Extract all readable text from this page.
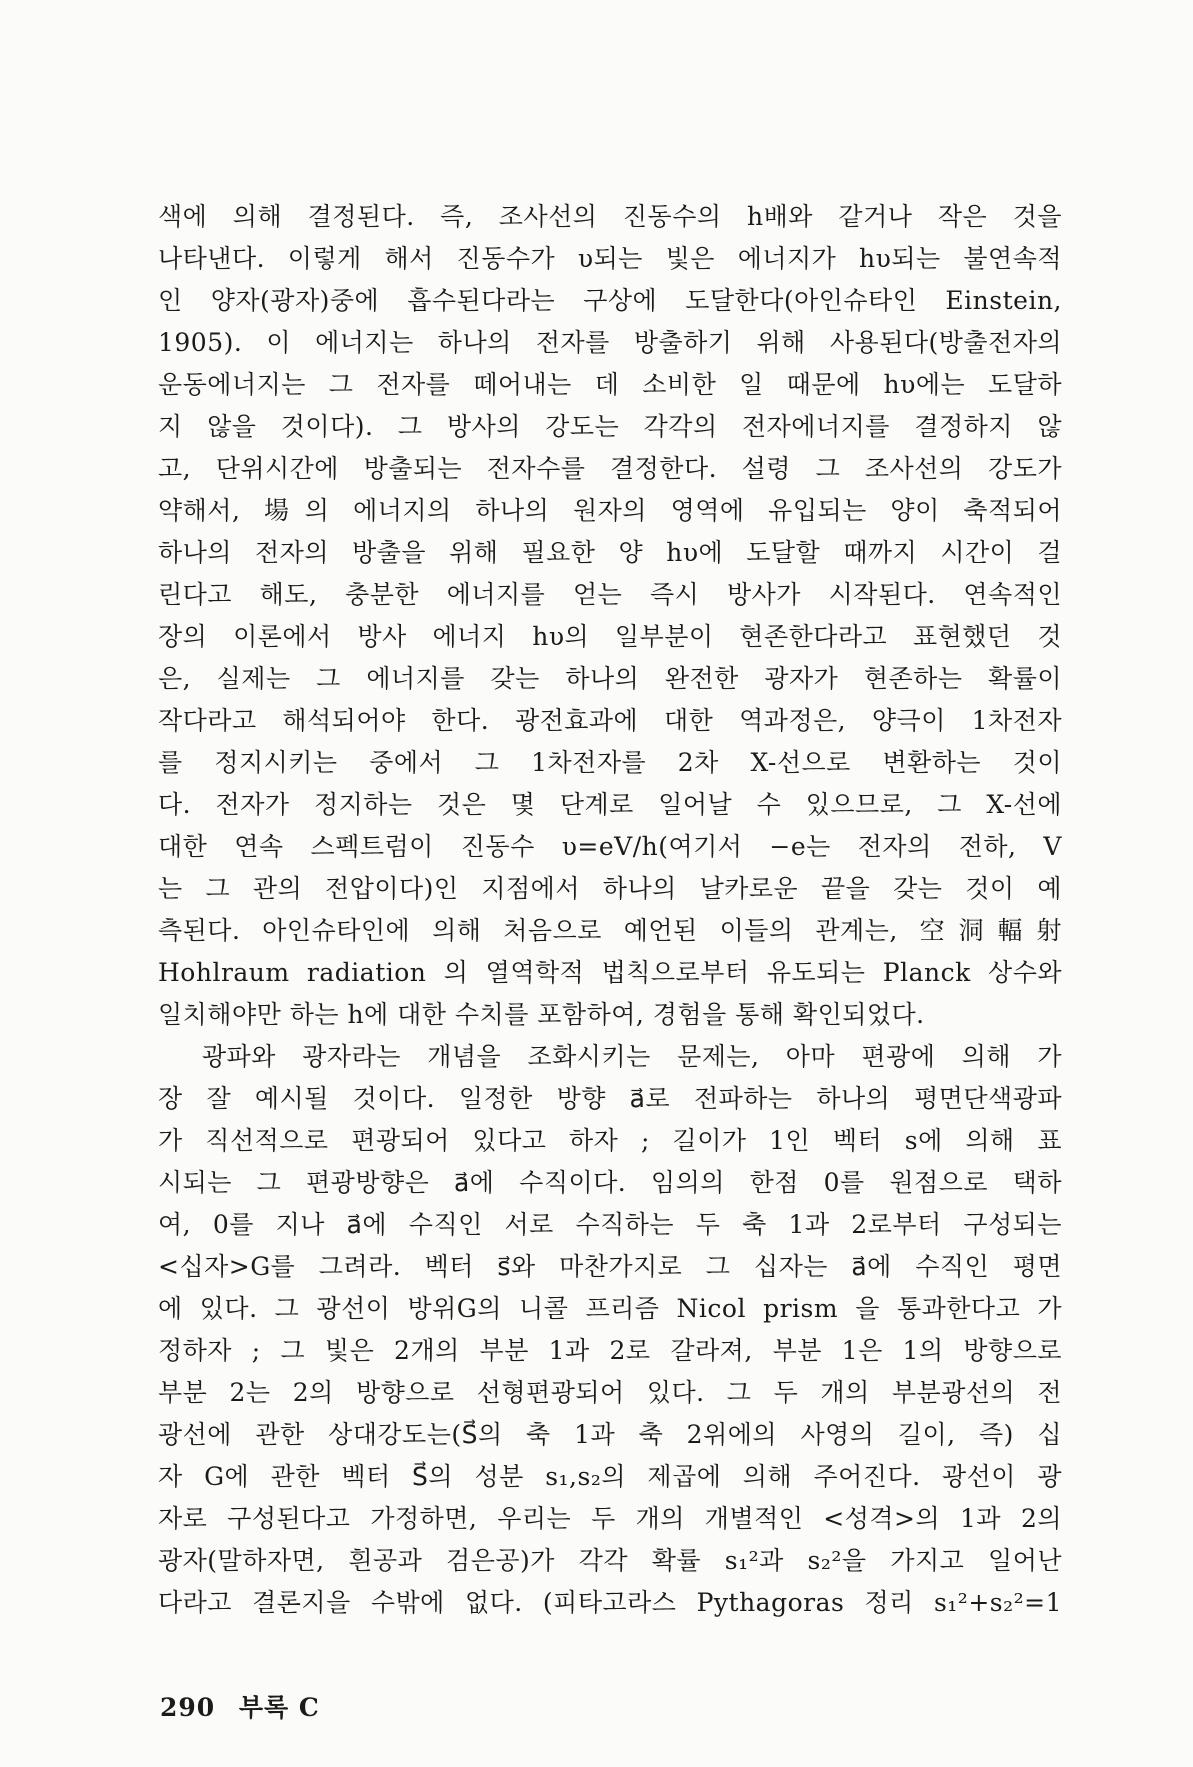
색에 의해 결정된다. 즉, 조사선의 진동수의 h배와 같거나 작은 것을
나타낸다. 이렇게 해서 진동수가 υ되는 빛은 에너지가 hυ되는 불연속적
인 양자(광자)중에 흡수된다라는 구상에 도달한다(아인슈타인 Einstein,
1905). 이 에너지는 하나의 전자를 방출하기 위해 사용된다(방출전자의
운동에너지는 그 전자를 떼어내는 데 소비한 일 때문에 hυ에는 도달하
지 않을 것이다). 그 방사의 강도는 각각의 전자에너지를 결정하지 않
고, 단위시간에 방출되는 전자수를 결정한다. 설령 그 조사선의 강도가
약해서, 場의 에너지의 하나의 원자의 영역에 유입되는 양이 축적되어
하나의 전자의 방출을 위해 필요한 양 hυ에 도달할 때까지 시간이 걸
린다고 해도, 충분한 에너지를 얻는 즉시 방사가 시작된다. 연속적인
장의 이론에서 방사 에너지 hυ의 일부분이 현존한다라고 표현했던 것
은, 실제는 그 에너지를 갖는 하나의 완전한 광자가 현존하는 확률이
작다라고 해석되어야 한다. 광전효과에 대한 역과정은, 양극이 1차전자
를 정지시키는 중에서 그 1차전자를 2차 X-선으로 변환하는 것이
다. 전자가 정지하는 것은 몇 단계로 일어날 수 있으므로, 그 X-선에
대한 연속 스펙트럼이 진동수 υ=eV/h(여기서 −e는 전자의 전하, V
는 그 관의 전압이다)인 지점에서 하나의 날카로운 끝을 갖는 것이 예
측된다. 아인슈타인에 의해 처음으로 예언된 이들의 관계는, 空洞輻射
Hohlraum radiation 의 열역학적 법칙으로부터 유도되는 Planck 상수와
일치해야만 하는 h에 대한 수치를 포함하여, 경험을 통해 확인되었다.
광파와 광자라는 개념을 조화시키는 문제는, 아마 편광에 의해 가
장 잘 예시될 것이다. 일정한 방향 a⃗로 전파하는 하나의 평면단색광파
가 직선적으로 편광되어 있다고 하자 ; 길이가 1인 벡터 s에 의해 표
시되는 그 편광방향은 a⃗에 수직이다. 임의의 한점 0를 원점으로 택하
여, 0를 지나 a⃗에 수직인 서로 수직하는 두 축 1과 2로부터 구성되는
<십자>G를 그려라. 벡터 s⃗와 마찬가지로 그 십자는 a⃗에 수직인 평면
에 있다. 그 광선이 방위G의 니콜 프리즘 Nicol prism 을 통과한다고 가
정하자 ; 그 빛은 2개의 부분 1과 2로 갈라져, 부분 1은 1의 방향으로
부분 2는 2의 방향으로 선형편광되어 있다. 그 두 개의 부분광선의 전
광선에 관한 상대강도는(S⃗의 축 1과 축 2위에의 사영의 길이, 즉) 십
자 G에 관한 벡터 S⃗의 성분 s₁,s₂의 제곱에 의해 주어진다. 광선이 광
자로 구성된다고 가정하면, 우리는 두 개의 개별적인 <성격>의 1과 2의
광자(말하자면, 흰공과 검은공)가 각각 확률 s₁²과 s₂²을 가지고 일어난
다라고 결론지을 수밖에 없다. (피타고라스 Pythagoras 정리 s₁²+s₂²=1
290 부록 C
